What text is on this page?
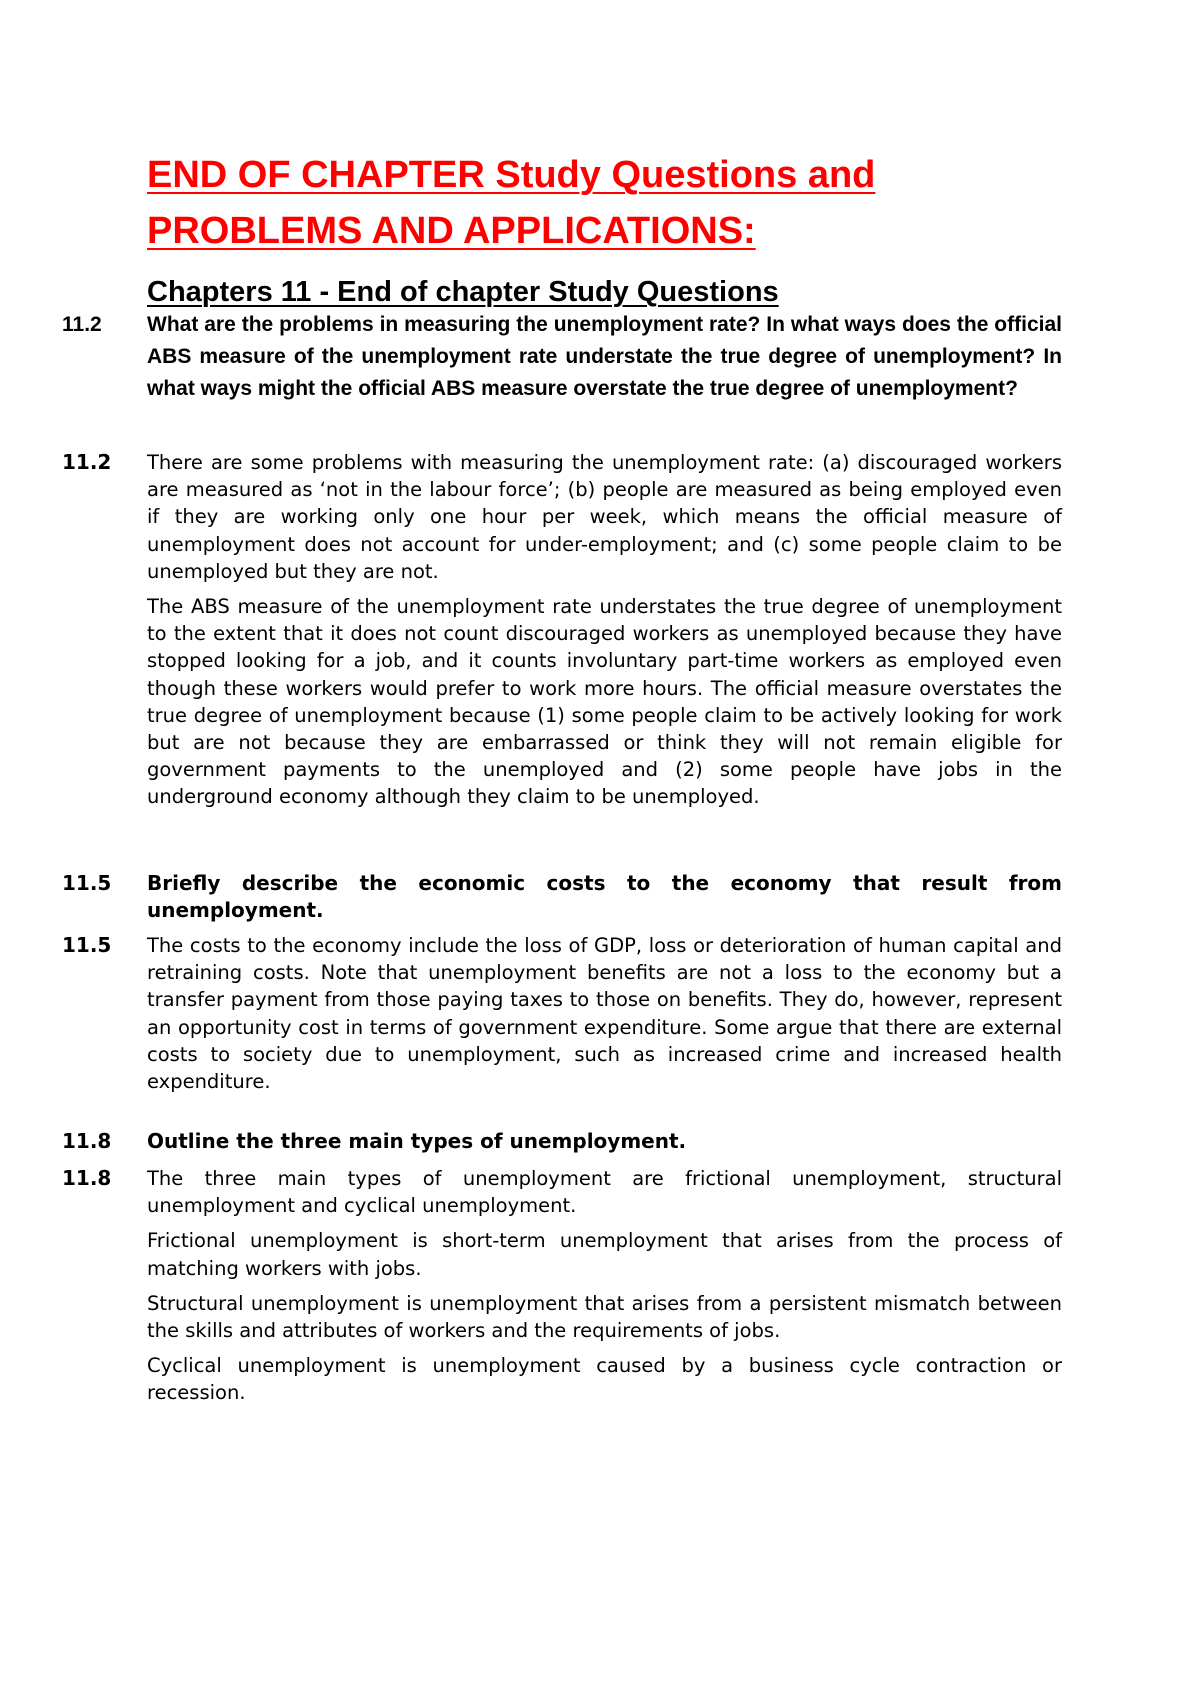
END OF CHAPTER Study Questions and PROBLEMS AND APPLICATIONS:
Chapters 11 - End of chapter Study Questions
11.2	What are the problems in measuring the unemployment rate? In what ways does the official ABS measure of the unemployment rate understate the true degree of unemployment? In what ways might the official ABS measure overstate the true degree of unemployment?

11.2	There are some problems with measuring the unemployment rate: (a) discouraged workers are measured as ‘not in the labour force’; (b) people are measured as being employed even if they are working only one hour per week, which means the official measure of unemployment does not account for under-employment; and (c) some people claim to be unemployed but they are not.

The ABS measure of the unemployment rate understates the true degree of unemployment to the extent that it does not count discouraged workers as unemployed because they have stopped looking for a job, and it counts involuntary part-time workers as employed even though these workers would prefer to work more hours. The official measure overstates the true degree of unemployment because (1) some people claim to be actively looking for work but are not because they are embarrassed or think they will not remain eligible for government payments to the unemployed and (2) some people have jobs in the underground economy although they claim to be unemployed.

11.5	Briefly describe the economic costs to the economy that result from unemployment.

11.5	The costs to the economy include the loss of GDP, loss or deterioration of human capital and retraining costs. Note that unemployment benefits are not a loss to the economy but a transfer payment from those paying taxes to those on benefits. They do, however, represent an opportunity cost in terms of government expenditure. Some argue that there are external costs to society due to unemployment, such as increased crime and increased health expenditure.

11.8	Outline the three main types of unemployment.

11.8	The three main types of unemployment are frictional unemployment, structural unemployment and cyclical unemployment.

Frictional unemployment is short-term unemployment that arises from the process of matching workers with jobs.

Structural unemployment is unemployment that arises from a persistent mismatch between the skills and attributes of workers and the requirements of jobs.

Cyclical unemployment is unemployment caused by a business cycle contraction or recession.
